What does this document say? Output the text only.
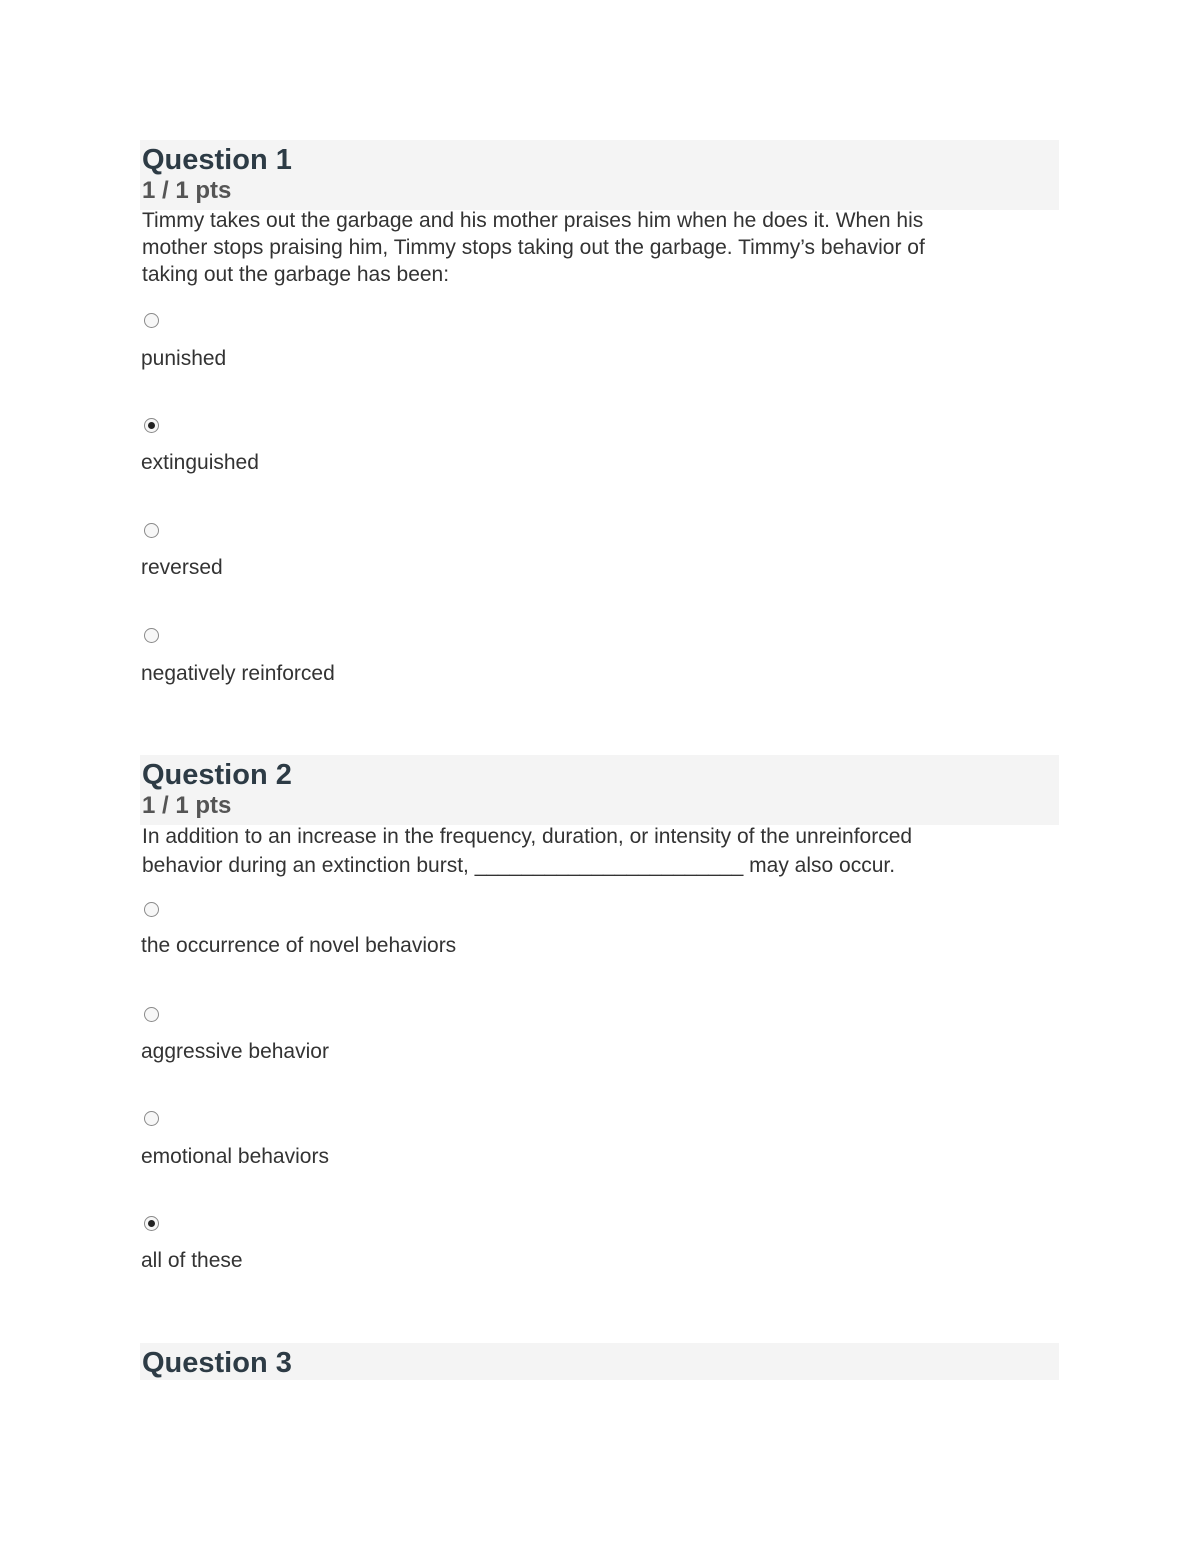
Question 1
1 / 1 pts
Timmy takes out the garbage and his mother praises him when he does it. When his
mother stops praising him, Timmy stops taking out the garbage. Timmy’s behavior of
taking out the garbage has been:
punished
extinguished
reversed
negatively reinforced
Question 2
1 / 1 pts
In addition to an increase in the frequency, duration, or intensity of the unreinforced
behavior during an extinction burst, _______________________ may also occur.
the occurrence of novel behaviors
aggressive behavior
emotional behaviors
all of these
Question 3
